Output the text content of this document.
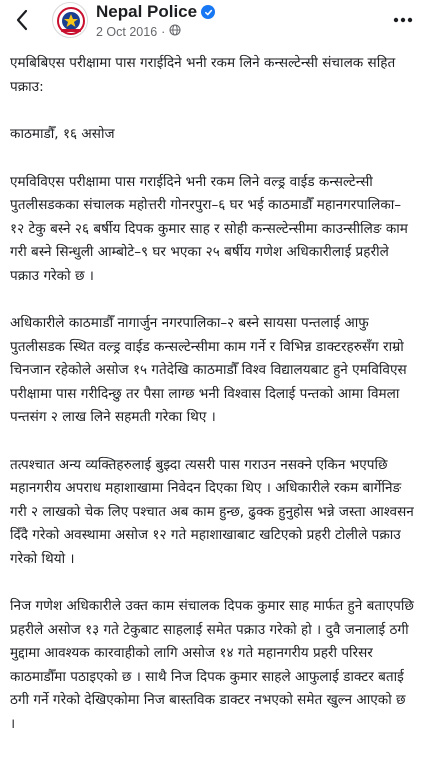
Nepal Police
2 Oct 2016 ·

एमबिबिएस परीक्षामा पास गराईदिने भनी रकम लिने कन्सल्टेन्सी संचालक सहित पक्राउ:

काठमाडौँ, १६ असोज

एमविविएस परीक्षामा पास गराईदिने भनी रकम लिने वल्ड्र वाईड कन्सल्टेन्सी पुतलीसडकका संचालक महोत्तरी गोनरपुरा–६ घर भई काठमाडौँ महानगरपालिका–१२ टेकु बस्ने २६ बर्षीय दिपक कुमार साह र सोही कन्सल्टेन्सीमा काउन्सीलिङ काम गरी बस्ने सिन्धुली आम्बोटे–९ घर भएका २५ बर्षीय गणेश अधिकारीलाई प्रहरीले पक्राउ गरेको छ ।

अधिकारीले काठमाडौँ नागार्जुन नगरपालिका–२ बस्ने सायसा पन्तलाई आफु पुतलीसडक स्थित वल्ड्र वाईड कन्सल्टेन्सीमा काम गर्ने र विभिन्न डाक्टरहरुसँग राम्रो चिनजान रहेकोले असोज १५ गतेदेखि काठमाडौँ विश्व विद्यालयबाट हुने एमविविएस परीक्षामा पास गरीदिन्छु तर पैसा लाग्छ भनी विश्वास दिलाई पन्तको आमा विमला पन्तसंग २ लाख लिने सहमती गरेका थिए ।

तत्पश्चात अन्य व्यक्तिहरुलाई बुझ्दा त्यसरी पास गराउन नसक्ने एकिन भएपछि महानगरीय अपराध महाशाखामा निवेदन दिएका थिए । अधिकारीले रकम बार्गेनिङ गरी २ लाखको चेक लिए पश्चात अब काम हुन्छ, ढुक्क हुनुहोस भन्ने जस्ता आश्वसन दिँदै गरेको अवस्थामा असोज १२ गते महाशाखाबाट खटिएको प्रहरी टोलीले पक्राउ गरेको थियो ।

निज गणेश अधिकारीले उक्त काम संचालक दिपक कुमार साह मार्फत हुने बताएपछि प्रहरीले असोज १३ गते टेकुबाट साहलाई समेत पक्राउ गरेको हो । दुवै जनालाई ठगी मुद्दामा आवश्यक कारवाहीको लागि असोज १४ गते महानगरीय प्रहरी परिसर काठमाडौँमा पठाइएको छ । साथै निज दिपक कुमार साहले आफुलाई डाक्टर बताई ठगी गर्ने गरेको देखिएकोमा निज बास्तविक डाक्टर नभएको समेत खुल्न आएको छ ।
